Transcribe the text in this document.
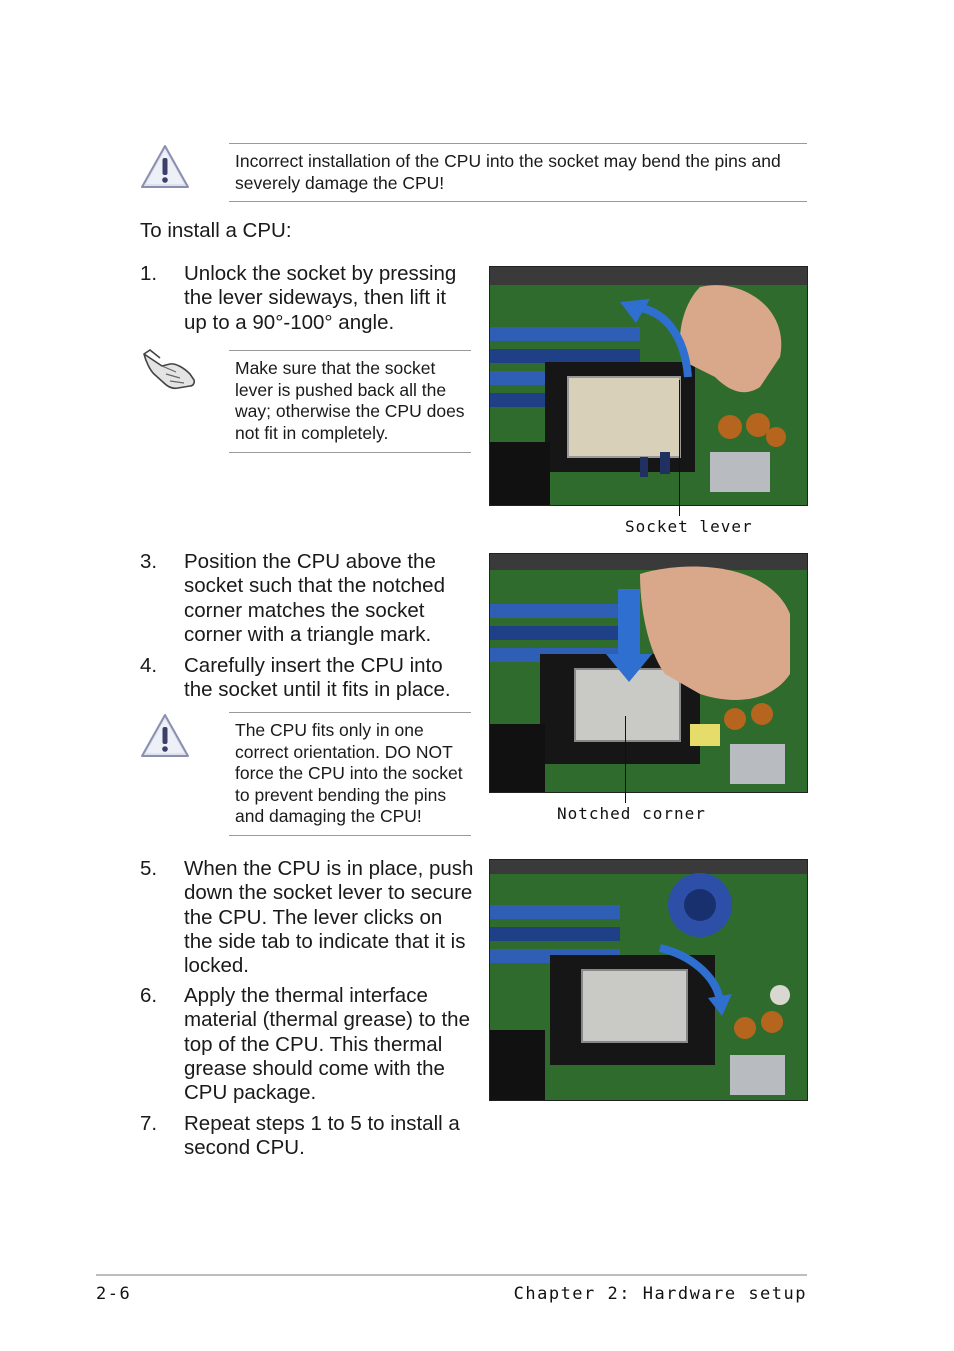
Incorrect installation of the CPU into the socket may bend the pins and severely damage the CPU!
To install a CPU:
1.	Unlock the socket by pressing the lever sideways, then lift it up to a 90°-100° angle.
Make sure that the socket lever is pushed back all the way; otherwise the CPU does not fit in completely.
Socket lever
3.	Position the CPU above the socket such that the notched corner matches the socket corner with a triangle mark.
4.	Carefully insert the CPU into the socket until it fits in place.
The CPU fits only in one correct orientation. DO NOT force the CPU into the socket to prevent bending the pins and damaging the CPU!	Notched corner
5.	When the CPU is in place, push down the socket lever to secure the CPU. The lever clicks on the side tab to indicate that it is locked.
6.	Apply the thermal interface material (thermal grease) to the top of the CPU. This thermal grease should come with the CPU package.
7.	Repeat steps 1 to 5 to install a second CPU.
2-6	Chapter 2: Hardware setup
